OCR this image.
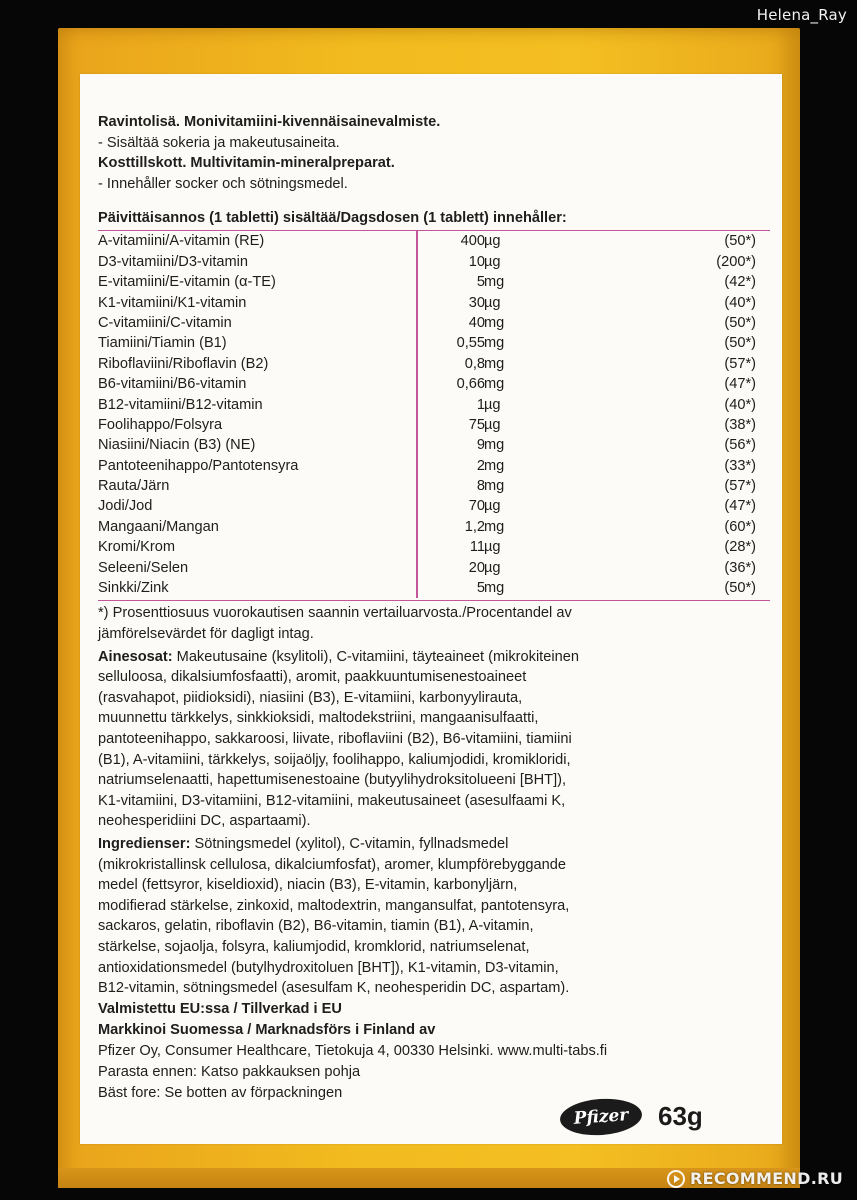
Helena_Ray
Ravintolisä. Monivitamiini-kivennäisainevalmiste.
- Sisältää sokeria ja makeutusaineita.
Kosttillskott. Multivitamin-mineralpreparat.
- Innehåller socker och sötningsmedel.
Päivittäisannos (1 tabletti) sisältää/Dagsdosen (1 tablett) innehåller:
A-vitamiini/A-vitamin (RE)	400 µg	(50*)
D3-vitamiini/D3-vitamin	10 µg	(200*)
E-vitamiini/E-vitamin (α-TE)	5 mg	(42*)
K1-vitamiini/K1-vitamin	30 µg	(40*)
C-vitamiini/C-vitamin	40 mg	(50*)
Tiamiini/Tiamin (B1)	0,55 mg	(50*)
Riboflaviini/Riboflavin (B2)	0,8 mg	(57*)
B6-vitamiini/B6-vitamin	0,66 mg	(47*)
B12-vitamiini/B12-vitamin	1 µg	(40*)
Foolihappo/Folsyra	75 µg	(38*)
Niasiini/Niacin (B3) (NE)	9 mg	(56*)
Pantoteenihappo/Pantotensyra	2 mg	(33*)
Rauta/Järn	8 mg	(57*)
Jodi/Jod	70 µg	(47*)
Mangaani/Mangan	1,2 mg	(60*)
Kromi/Krom	11 µg	(28*)
Seleeni/Selen	20 µg	(36*)
Sinkki/Zink	5 mg	(50*)
*) Prosenttiosuus vuorokautisen saannin vertailuarvosta./Procentandel av
jämförelsevärdet för dagligt intag.
Ainesosat: Makeutusaine (ksylitoli), C-vitamiini, täyteaineet (mikrokiteinen
selluloosa, dikalsiumfosfaatti), aromit, paakkuuntumisenestoaineet
(rasvahapot, piidioksidi), niasiini (B3), E-vitamiini, karbonyylirauta,
muunnettu tärkkelys, sinkkioksidi, maltodekstriini, mangaanisulfaatti,
pantoteenihappo, sakkaroosi, liivate, riboflaviini (B2), B6-vitamiini, tiamiini
(B1), A-vitamiini, tärkkelys, soijaöljy, foolihappo, kaliumjodidi, kromikloridi,
natriumselenaatti, hapettumisenestoaine (butyylihydroksitolueeni [BHT]),
K1-vitamiini, D3-vitamiini, B12-vitamiini, makeutusaineet (asesulfaami K,
neohesperidiini DC, aspartaami).
Ingredienser: Sötningsmedel (xylitol), C-vitamin, fyllnadsmedel
(mikrokristallinsk cellulosa, dikalciumfosfat), aromer, klumpförebyggande
medel (fettsyror, kiseldioxid), niacin (B3), E-vitamin, karbonyljärn,
modifierad stärkelse, zinkoxid, maltodextrin, mangansulfat, pantotensyra,
sackaros, gelatin, riboflavin (B2), B6-vitamin, tiamin (B1), A-vitamin,
stärkelse, sojaolja, folsyra, kaliumjodid, kromklorid, natriumselenat,
antioxidationsmedel (butylhydroxitoluen [BHT]), K1-vitamin, D3-vitamin,
B12-vitamin, sötningsmedel (asesulfam K, neohesperidin DC, aspartam).
Valmistettu EU:ssa / Tillverkad i EU
Markkinoi Suomessa / Marknadsförs i Finland av
Pfizer Oy, Consumer Healthcare, Tietokuja 4, 00330 Helsinki. www.multi-tabs.fi
Parasta ennen: Katso pakkauksen pohja
Bäst fore: Se botten av förpackningen
Pfizer	63g
RECOMMEND.RU
